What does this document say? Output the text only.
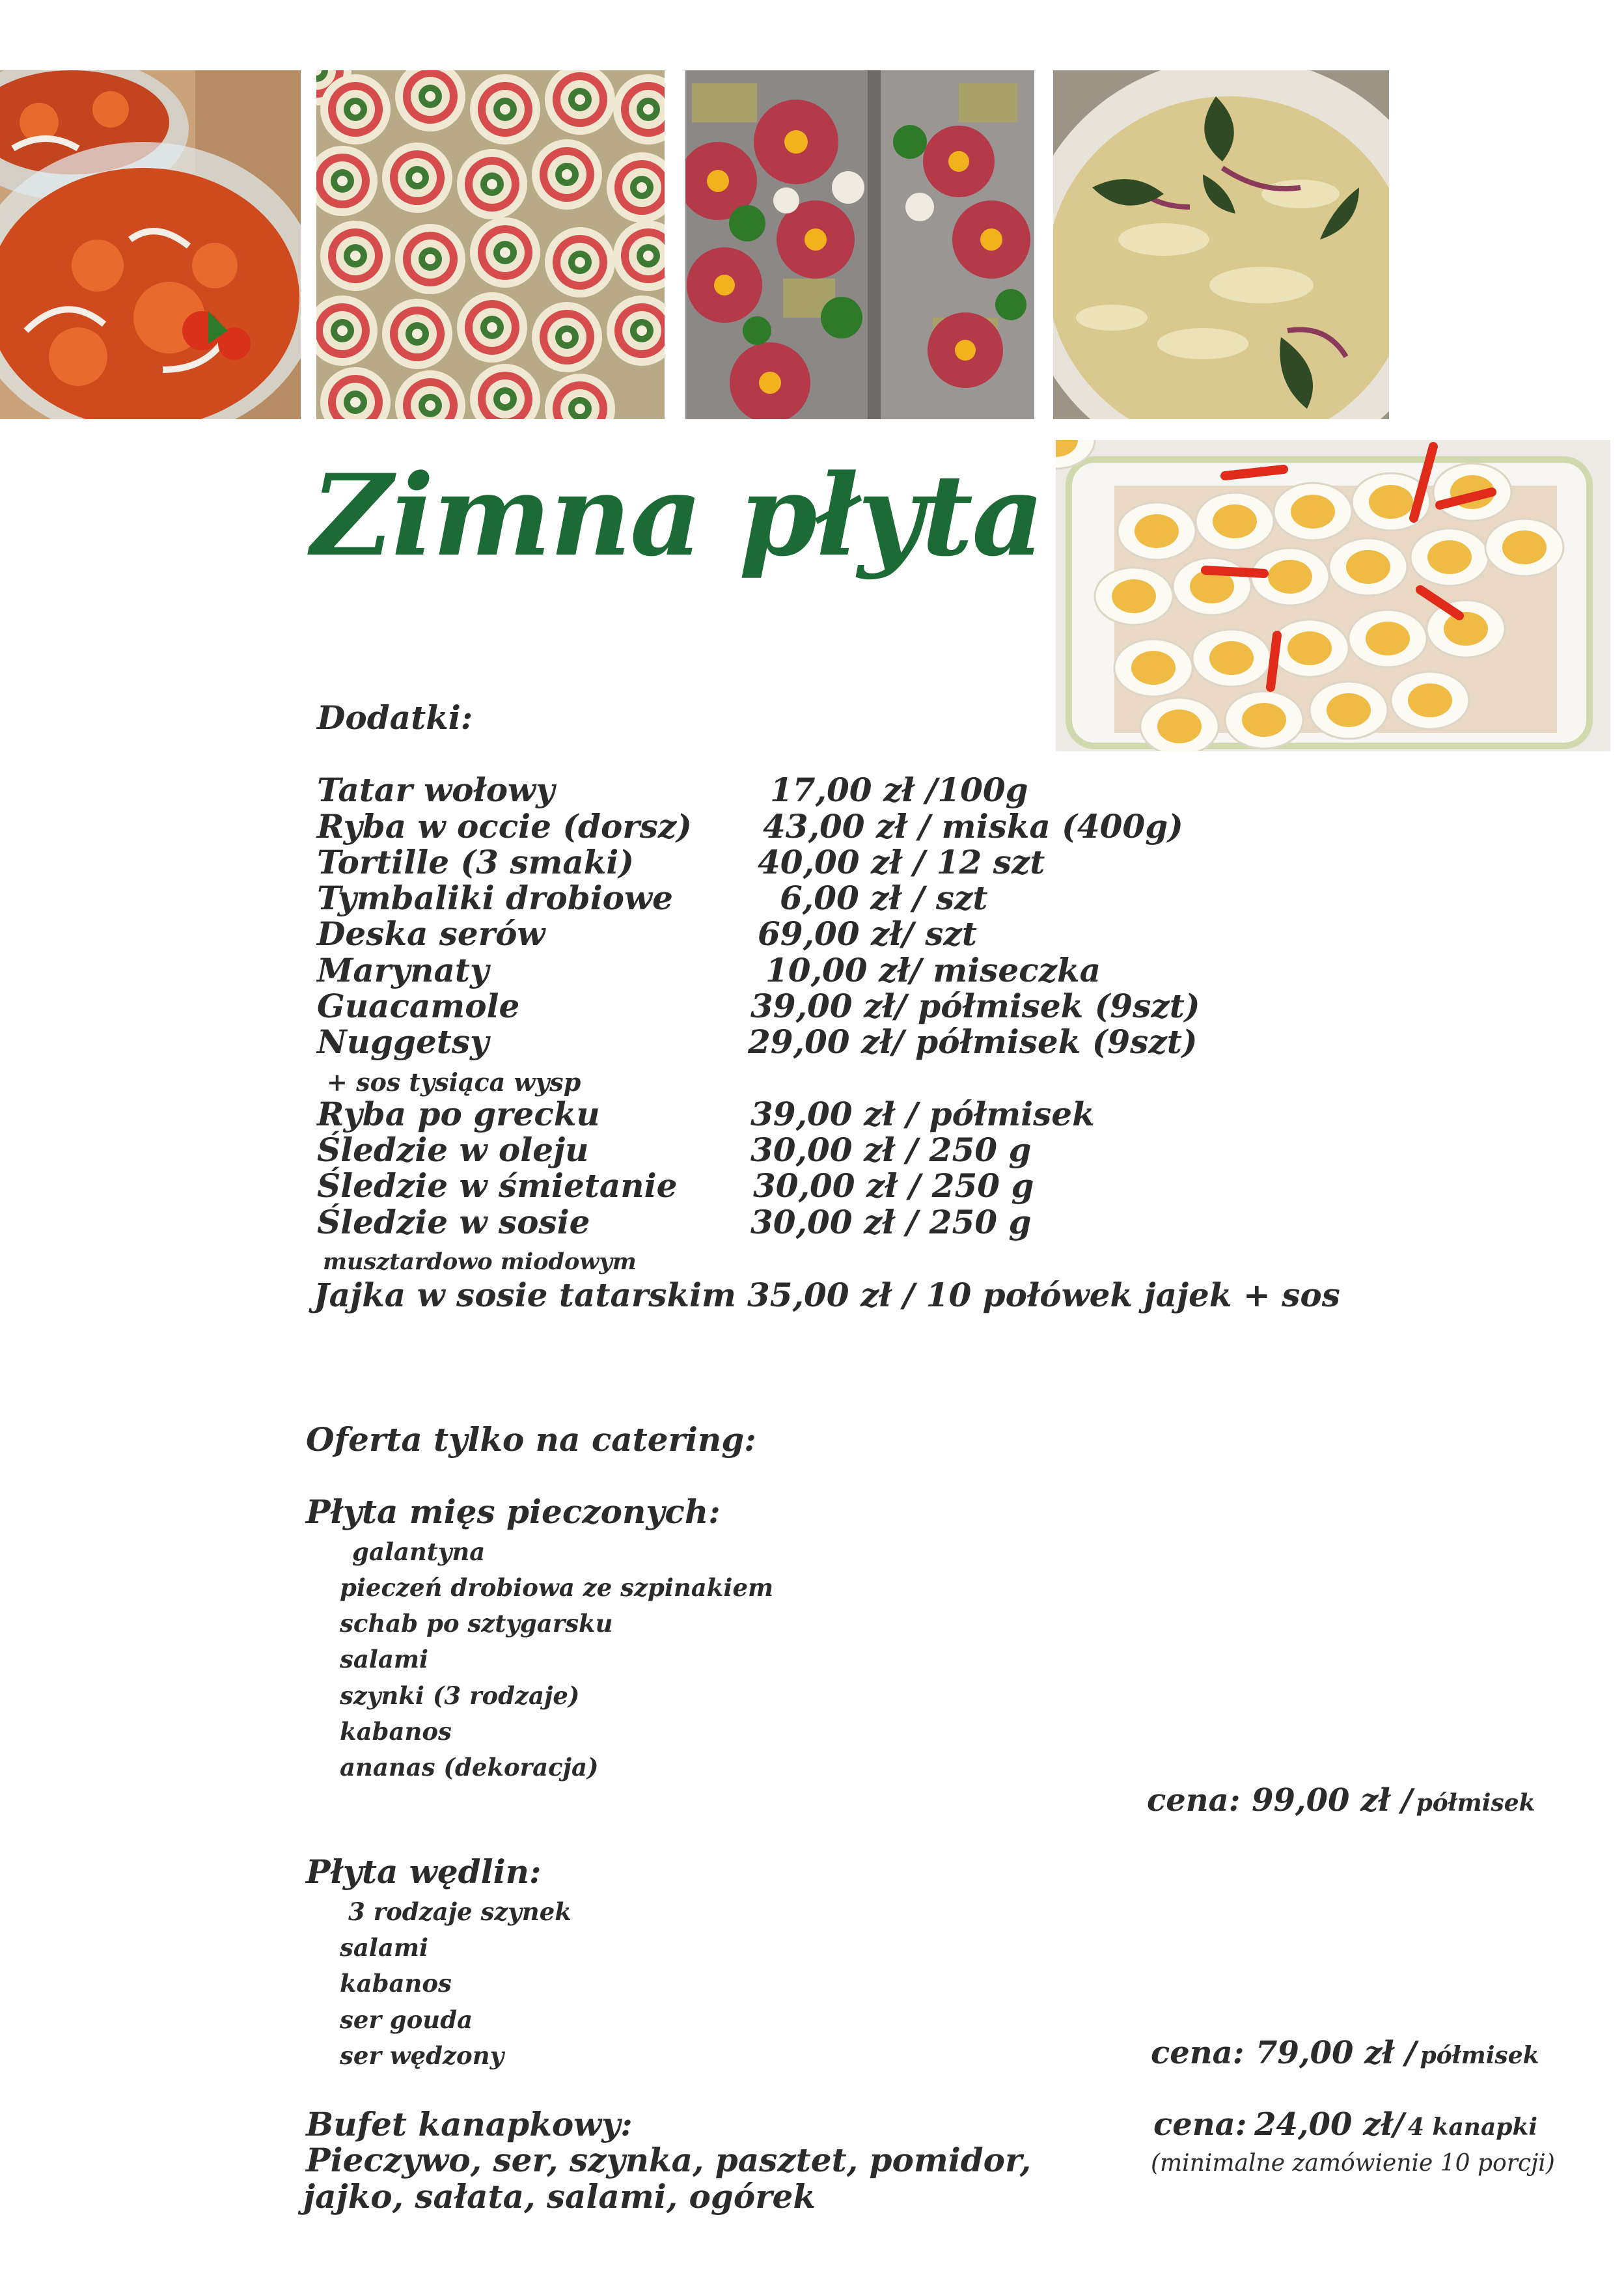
Zimna płyta
Dodatki:
Tatar wołowy	17,00 zł /100g
Ryba w occie (dorsz) 43,00 zł / miska (400g)
Tortille (3 smaki)	40,00 zł / 12 szt
Tymbaliki drobiowe	6,00 zł / szt
Deska serów	69,00 zł/ szt
Marynaty	10,00 zł/ miseczka
Guacamole	39,00 zł/ półmisek (9szt)
Nuggetsy	29,00 zł/ półmisek (9szt)
+ sos tysiąca wysp
Ryba po grecku	39,00 zł / półmisek
Śledzie w oleju	30,00 zł / 250 g
Śledzie w śmietanie 30,00 zł / 250 g
Śledzie w sosie	30,00 zł / 250 g
musztardowo miodowym
Jajka w sosie tatarskim 35,00 zł / 10 połówek jajek + sos
Oferta tylko na catering:
Płyta mięs pieczonych:
galantyna
pieczeń drobiowa ze szpinakiem
schab po sztygarsku
salami
szynki (3 rodzaje)
kabanos
ananas (dekoracja)
cena: 99,00 zł / półmisek
Płyta wędlin:
3 rodzaje szynek
salami
kabanos
ser gouda
ser wędzony	cena: 79,00 zł / półmisek
Bufet kanapkowy:
Pieczywo, ser, szynka, pasztet, pomidor,
jajko, sałata, salami, ogórek
cena: 24,00 zł/ 4 kanapki
(minimalne zamówienie 10 porcji)
